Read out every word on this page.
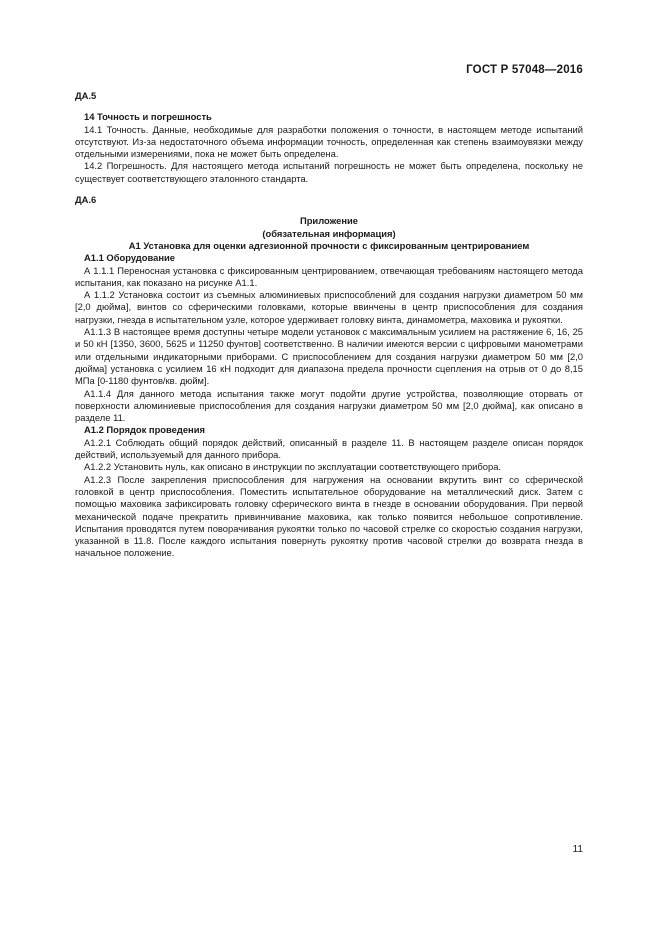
ГОСТ Р 57048—2016

ДА.5

14 Точность и погрешность

14.1 Точность. Данные, необходимые для разработки положения о точности, в настоящем методе испытаний отсутствуют. Из-за недостаточного объема информации точность, определенная как степень взаимоувязки между отдельными измерениями, пока не может быть определена.

14.2 Погрешность. Для настоящего метода испытаний погрешность не может быть определена, поскольку не существует соответствующего эталонного стандарта.

ДА.6

Приложение

(обязательная информация)

А1 Установка для оценки адгезионной прочности с фиксированным центрированием

А1.1 Оборудование

А 1.1.1 Переносная установка с фиксированным центрированием, отвечающая требованиям настоящего метода испытания, как показано на рисунке А1.1.

А 1.1.2 Установка состоит из съемных алюминиевых приспособлений для создания нагрузки диаметром 50 мм [2,0 дюйма], винтов со сферическими головками, которые ввинчены в центр приспособления для создания нагрузки, гнезда в испытательном узле, которое удерживает головку винта, динамометра, маховика и рукоятки.

А1.1.3 В настоящее время доступны четыре модели установок с максимальным усилием на растяжение 6, 16, 25 и 50 кН [1350, 3600, 5625 и 11250 фунтов] соответственно. В наличии имеются версии с цифровыми манометрами или отдельными индикаторными приборами. С приспособлением для создания нагрузки диаметром 50 мм [2,0 дюйма] установка с усилием 16 кН подходит для диапазона предела прочности сцепления на отрыв от 0 до 8,15 МПа [0-1180 фунтов/кв. дюйм].

А1.1.4 Для данного метода испытания также могут подойти другие устройства, позволяющие оторвать от поверхности алюминиевые приспособления для создания нагрузки диаметром 50 мм [2,0 дюйма], как описано в разделе 11.

А1.2 Порядок проведения

А1.2.1 Соблюдать общий порядок действий, описанный в разделе 11. В настоящем разделе описан порядок действий, используемый для данного прибора.

А1.2.2 Установить нуль, как описано в инструкции по эксплуатации соответствующего прибора.

А1.2.3 После закрепления приспособления для нагружения на основании вкрутить винт со сферической головкой в центр приспособления. Поместить испытательное оборудование на металлический диск. Затем с помощью маховика зафиксировать головку сферического винта в гнезде в основании оборудования. При первой механической подаче прекратить привинчивание маховика, как только появится небольшое сопротивление. Испытания проводятся путем поворачивания рукоятки только по часовой стрелке со скоростью создания нагрузки, указанной в 11.8. После каждого испытания повернуть рукоятку против часовой стрелки до возврата гнезда в начальное положение.

11
